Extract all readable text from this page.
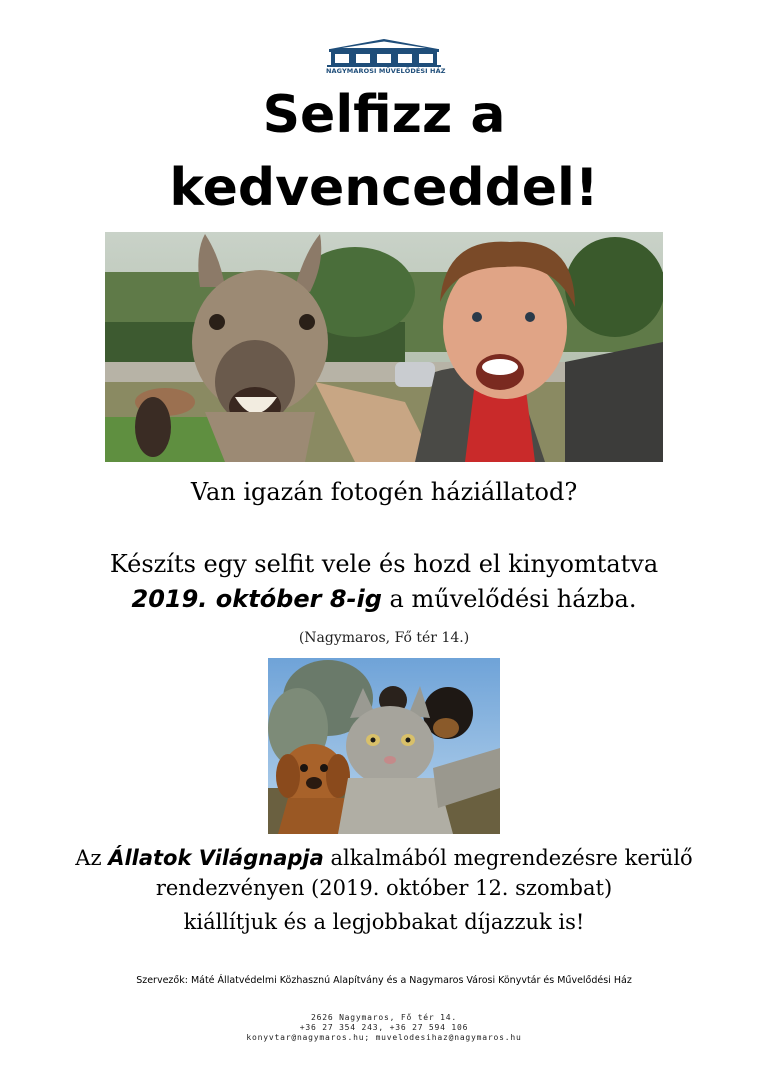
NAGYMAROSI MŰVELŐDÉSI HÁZ
Selfizz a
kedvenceddel!
Van igazán fotogén háziállatod?
Készíts egy selfit vele és hozd el kinyomtatva
2019. október 8-ig a művelődési házba.
(Nagymaros, Fő tér 14.)
Az Állatok Világnapja alkalmából megrendezésre kerülő
rendezvényen (2019. október 12. szombat)
kiállítjuk és a legjobbakat díjazzuk is!
Szervezők: Máté Állatvédelmi Közhasznú Alapítvány és a Nagymaros Városi Könyvtár és Művelődési Ház
2626 Nagymaros, Fő tér 14.
+36 27 354 243, +36 27 594 106
konyvtar@nagymaros.hu; muvelodesihaz@nagymaros.hu
